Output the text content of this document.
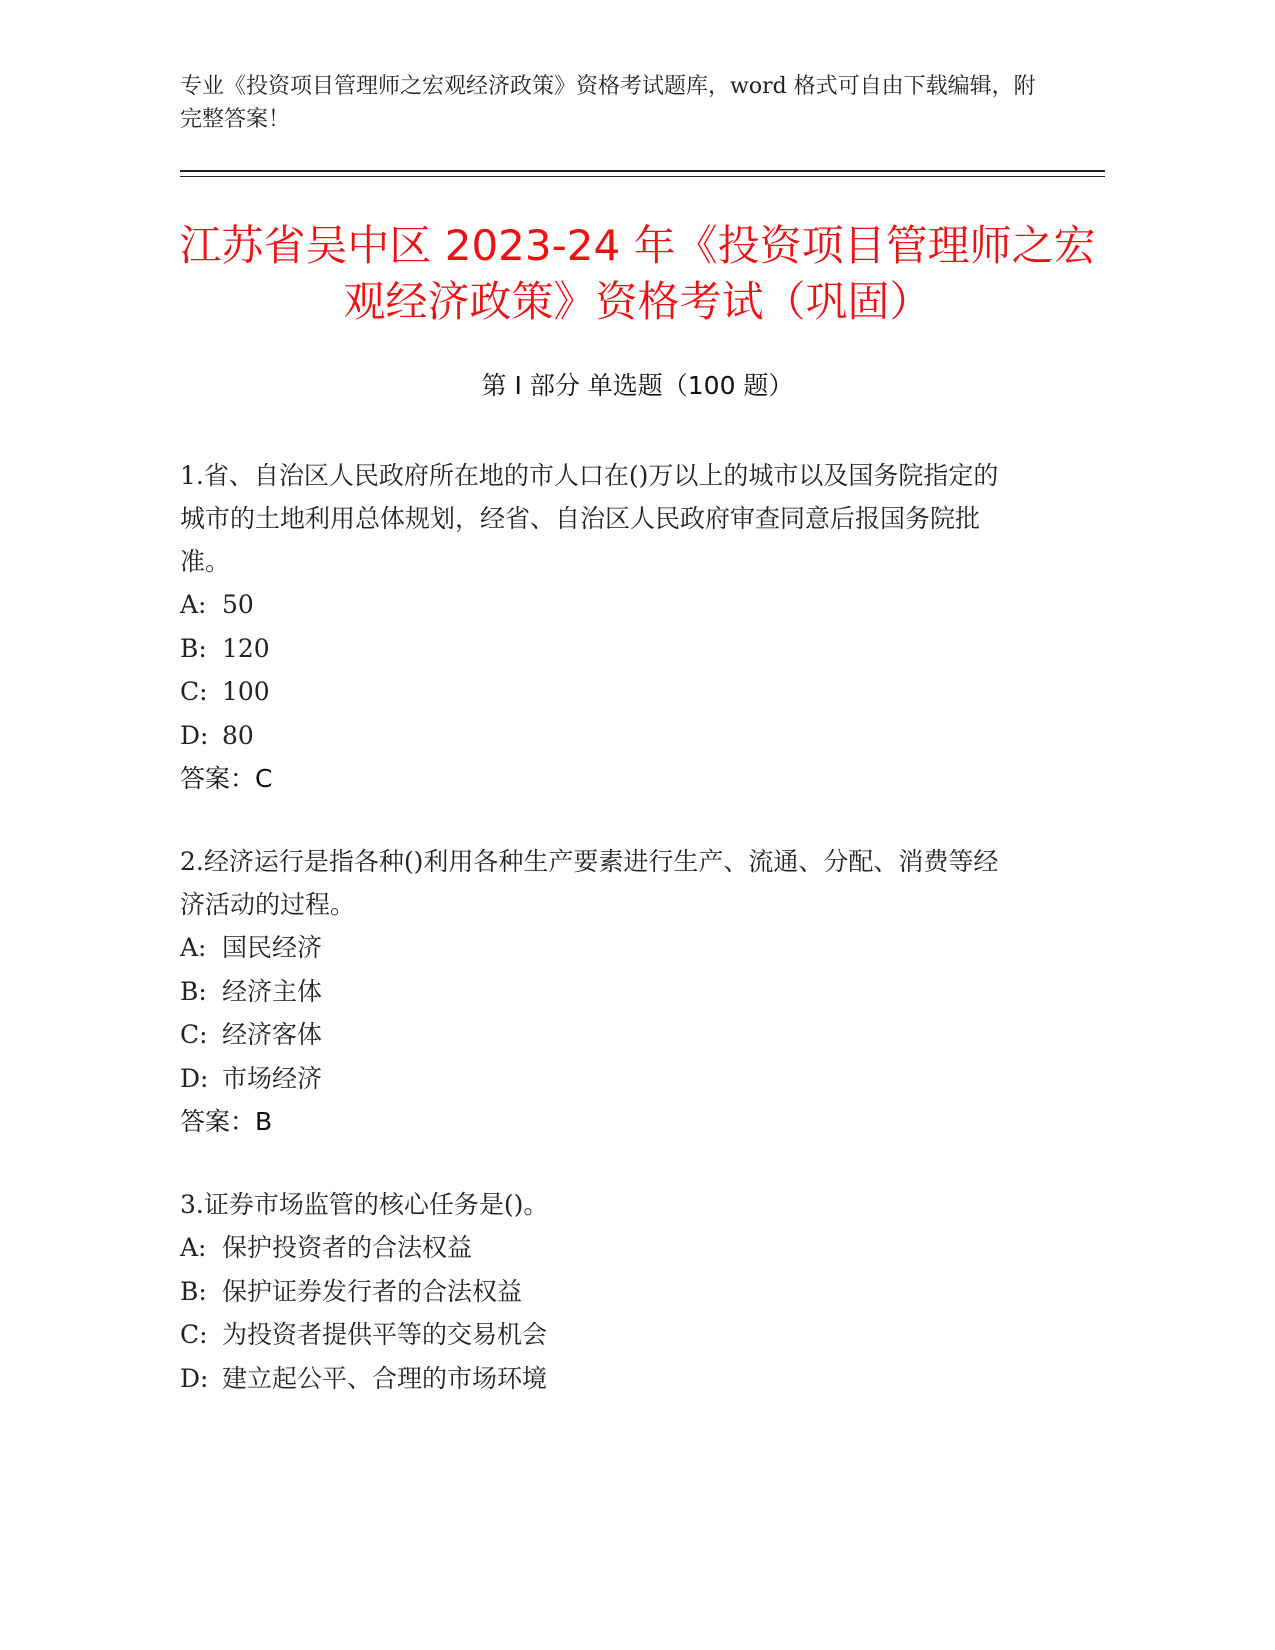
专业《投资项目管理师之宏观经济政策》资格考试题库，word 格式可自由下载编辑，附完整答案！
江苏省吴中区 2023-24 年《投资项目管理师之宏观经济政策》资格考试（巩固）
第 I 部分 单选题（100 题）

1.省、自治区人民政府所在地的市人口在()万以上的城市以及国务院指定的城市的土地利用总体规划，经省、自治区人民政府审查同意后报国务院批准。

A: 50

B: 120

C: 100

D: 80

答案：C

2.经济运行是指各种()利用各种生产要素进行生产、流通、分配、消费等经济活动的过程。

A: 国民经济

B: 经济主体

C: 经济客体

D: 市场经济

答案：B

3.证券市场监管的核心任务是()。

A: 保护投资者的合法权益

B: 保护证券发行者的合法权益

C: 为投资者提供平等的交易机会

D: 建立起公平、合理的市场环境
